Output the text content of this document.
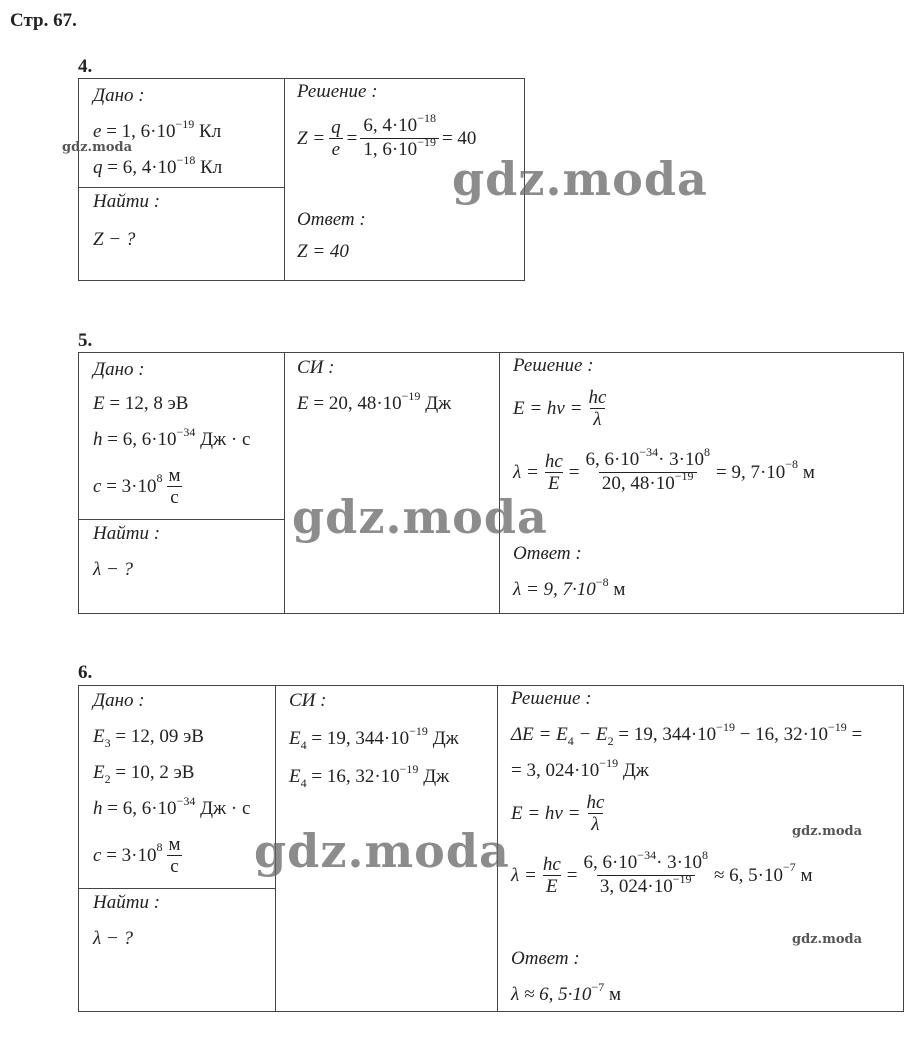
Стр. 67.
4.
Дано :
e = 1, $6\cdot 10^{-19}$ Кл
q = 6, $4\cdot 10^{-18}$ Кл
Найти :
Z − ?
Решение :
$Z = \frac{q}{e} = \frac{6, 4\cdot 10^{-18}}{1, 6\cdot 10^{-19}} = 40$
Ответ :
Z = 40
5.
Дано :
E = 12, 8 эВ
h = 6, $6\cdot 10^{-34}$ Дж · с
c
= $3\cdot 10^8 \frac{м}{с}$
Найти :
λ − ?
СИ :
E = 20, $48\cdot 10^{-19}$ Дж
Решение :
$E = h\nu = \frac{hc}{\lambda}$
$\lambda = \frac{hc}{E} = \frac{6, 6\cdot 10^{-34}\cdot 3\cdot 10^8}{20, 48\cdot 10^{-19}} = 9$, $7\cdot 10^{-8}$
м
Ответ :
λ = 9, $7\cdot 10^{-8}$ м
6.
Дано :
$E_3 = 12$, 09 эВ
$E_2 = 10$, 2 эВ
h = 6, $6\cdot 10^{-34}$ Дж · с
c
= $3\cdot 10^8 \frac{м}{с}$
Найти :
λ − ?
СИ :
$E_4 = 19$, $344\cdot 10^{-19}$ Дж
$E_4 = 16$, $32\cdot 10^{-19}$ Дж
Решение :
$\Delta E = E_4 - E_2 = 19$, $344\cdot 10^{-19} - 16$, $32\cdot 10^{-19}$ =
= 3, $024\cdot 10^{-19}$ Дж
$E = h\nu = \frac{hc}{\lambda}$
$\lambda = \frac{hc}{E} = \frac{6, 6\cdot 10^{-34}\cdot 3\cdot 10^8}{3, 024\cdot 10^{-19}} \approx 6$, $5\cdot 10^{-7}$
м
Ответ :
λ ≈ 6, $5\cdot 10^{-7}$ м
gdz.moda
gdz.moda
gdz.moda
gdz.moda	gdz.moda
gdz.moda
